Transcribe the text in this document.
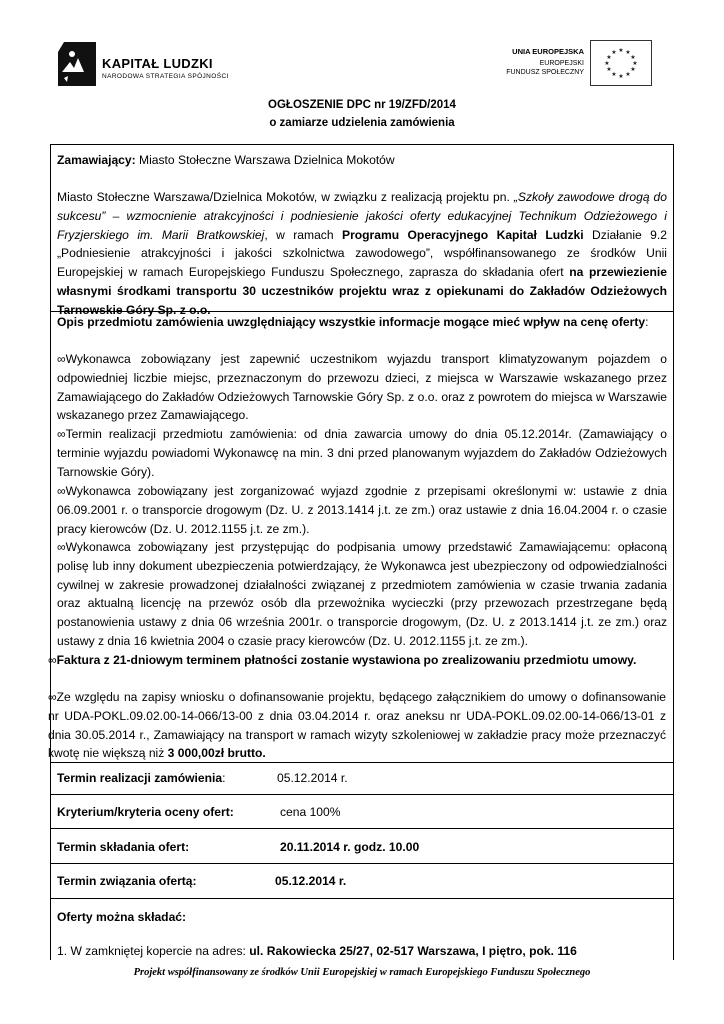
KAPITAŁ LUDZKI
NARODOWA STRATEGIA SPÓJNOŚCI
UNIA EUROPEJSKA
EUROPEJSKI
FUNDUSZ SPOŁECZNY
★ ★
★
★
★
★
★
★
★
★
★
★
OGŁOSZENIE DPC nr 19/ZFD/2014
o zamiarze udzielenia zamówienia
Zamawiający: Miasto Stołeczne Warszawa Dzielnica Mokotów
Miasto Stołeczne Warszawa/Dzielnica Mokotów, w związku z realizacją projektu pn. „Szkoły zawodowe drogą do sukcesu” – wzmocnienie atrakcyjności i podniesienie jakości oferty edukacyjnej Technikum Odzieżowego i Fryzjerskiego im. Marii Bratkowskiej, w ramach Programu Operacyjnego Kapitał Ludzki Działanie 9.2 „Podniesienie atrakcyjności i jakości szkolnictwa zawodowego”, współfinansowanego ze środków Unii Europejskiej w ramach Europejskiego Funduszu Społecznego, zaprasza do składania ofert na przewiezienie własnymi środkami transportu 30 uczestników projektu wraz z opiekunami do Zakładów Odzieżowych Tarnowskie Góry Sp. z o.o.
Opis przedmiotu zamówienia uwzględniający wszystkie informacje mogące mieć wpływ na cenę oferty:
∞Wykonawca zobowiązany jest zapewnić uczestnikom wyjazdu transport klimatyzowanym pojazdem o odpowiedniej liczbie miejsc, przeznaczonym do przewozu dzieci, z miejsca w Warszawie wskazanego przez Zamawiającego do Zakładów Odzieżowych Tarnowskie Góry Sp. z o.o. oraz z powrotem do miejsca w Warszawie wskazanego przez Zamawiającego.
∞Termin realizacji przedmiotu zamówienia: od dnia zawarcia umowy do dnia 05.12.2014r. (Zamawiający o terminie wyjazdu powiadomi Wykonawcę na min. 3 dni przed planowanym wyjazdem do Zakładów Odzieżowych Tarnowskie Góry).
∞Wykonawca zobowiązany jest zorganizować wyjazd zgodnie z przepisami określonymi w: ustawie z dnia 06.09.2001 r. o transporcie drogowym (Dz. U. z 2013.1414 j.t. ze zm.) oraz ustawie z dnia 16.04.2004 r. o czasie pracy kierowców (Dz. U. 2012.1155 j.t. ze zm.).
∞Wykonawca zobowiązany jest przystępując do podpisania umowy przedstawić Zamawiającemu: opłaconą polisę lub inny dokument ubezpieczenia potwierdzający, że Wykonawca jest ubezpieczony od odpowiedzialności cywilnej w zakresie prowadzonej działalności związanej z przedmiotem zamówienia w czasie trwania zadania oraz aktualną licencję na przewóz osób dla przewożnika wycieczki (przy przewozach przestrzegane będą postanowienia ustawy z dnia 06 września 2001r. o transporcie drogowym, (Dz. U. z 2013.1414 j.t. ze zm.) oraz ustawy z dnia 16 kwietnia 2004 o czasie pracy kierowców (Dz. U. 2012.1155 j.t. ze zm.).
∞Faktura z 21-dniowym terminem płatności zostanie wystawiona po zrealizowaniu przedmiotu umowy.
∞Ze względu na zapisy wniosku o dofinansowanie projektu, będącego załącznikiem do umowy o dofinansowanie nr UDA-POKL.09.02.00-14-066/13-00 z dnia 03.04.2014 r. oraz aneksu nr UDA-POKL.09.02.00-14-066/13-01 z dnia 30.05.2014 r., Zamawiający na transport w ramach wizyty szkoleniowej w zakładzie pracy może przeznaczyć kwotę nie większą niż 3 000,00zł brutto.
Termin realizacji zamówienia:	05.12.2014 r.
Kryterium/kryteria oceny ofert:	cena 100%
Termin składania ofert:	20.11.2014 r. godz. 10.00
Termin związania ofertą:	05.12.2014 r.
Oferty można składać:
1. W zamkniętej kopercie na adres: ul. Rakowiecka 25/27, 02-517 Warszawa, I piętro, pok. 116
Projekt współfinansowany ze środków Unii Europejskiej w ramach Europejskiego Funduszu Społecznego
